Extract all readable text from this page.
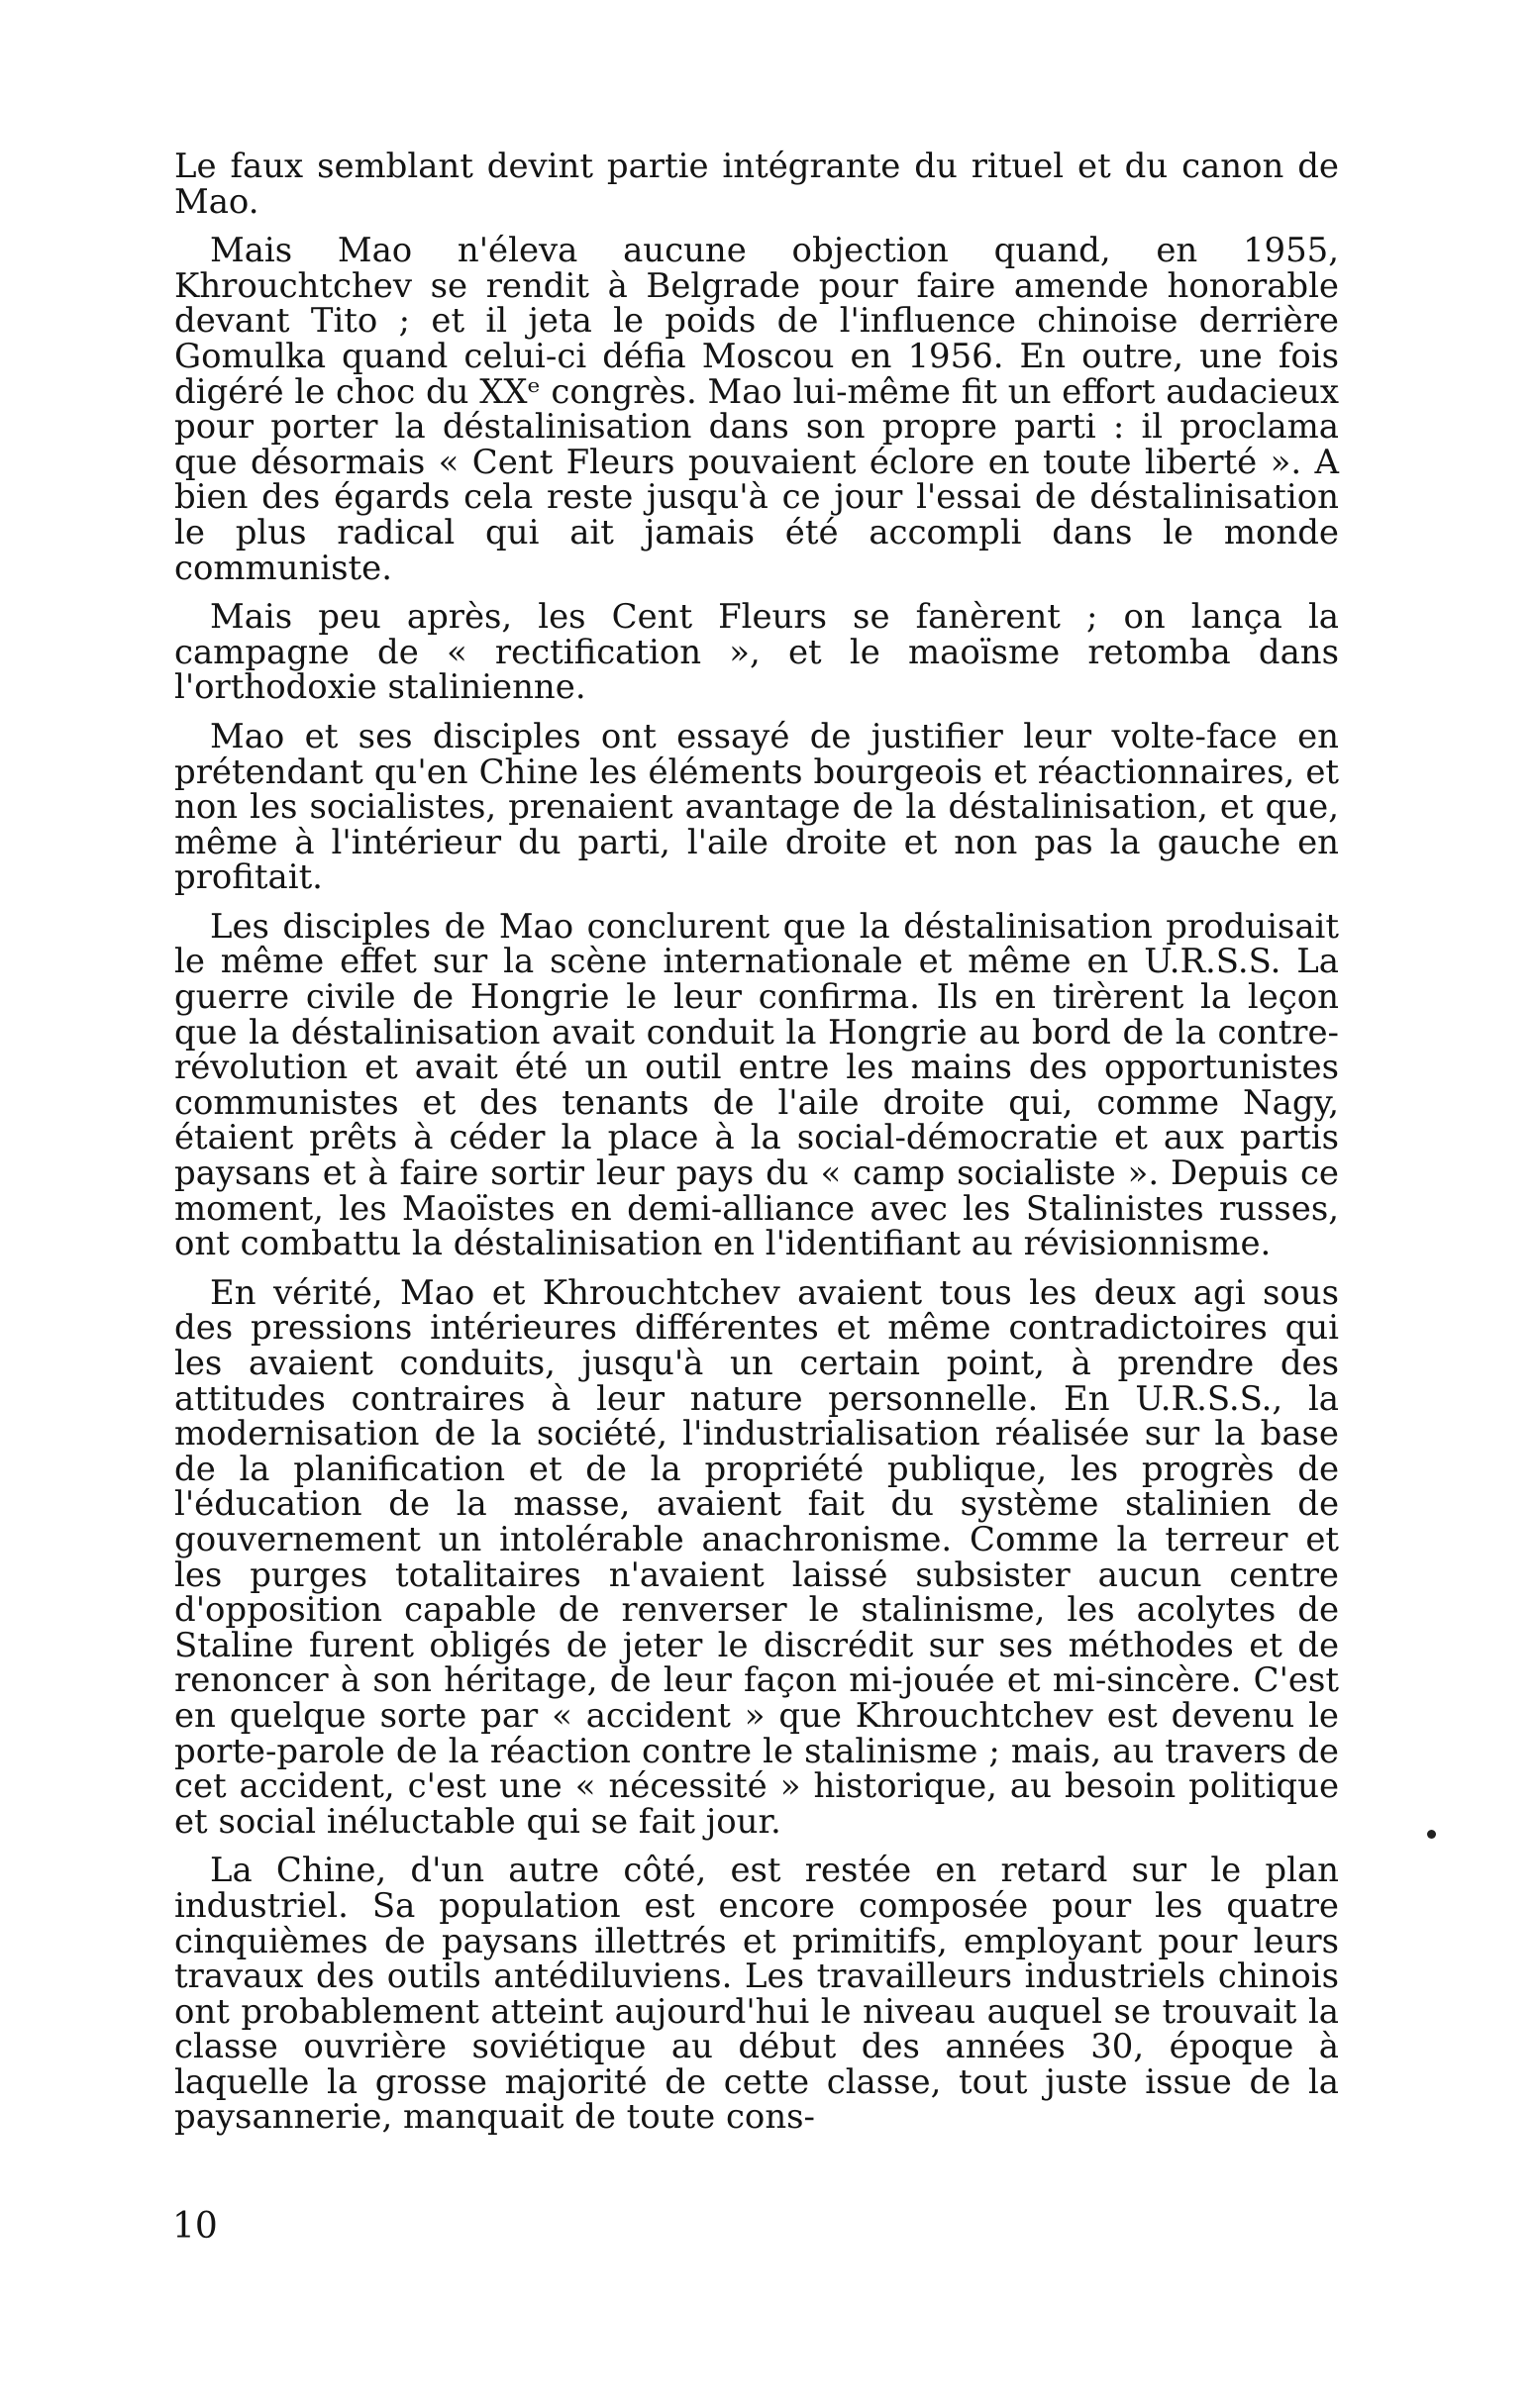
Le faux semblant devint partie intégrante du rituel et du canon de Mao.

Mais Mao n'éleva aucune objection quand, en 1955, Khrouchtchev se rendit à Belgrade pour faire amende honorable devant Tito ; et il jeta le poids de l'influence chinoise derrière Gomulka quand celui-ci défia Moscou en 1956. En outre, une fois digéré le choc du XXᵉ congrès. Mao lui-même fit un effort audacieux pour porter la déstalinisation dans son propre parti : il proclama que désormais « Cent Fleurs pouvaient éclore en toute liberté ». A bien des égards cela reste jusqu'à ce jour l'essai de déstalinisation le plus radical qui ait jamais été accompli dans le monde communiste.

Mais peu après, les Cent Fleurs se fanèrent ; on lança la campagne de « rectification », et le maoïsme retomba dans l'orthodoxie stalinienne.

Mao et ses disciples ont essayé de justifier leur volte-face en prétendant qu'en Chine les éléments bourgeois et réactionnaires, et non les socialistes, prenaient avantage de la déstalinisation, et que, même à l'intérieur du parti, l'aile droite et non pas la gauche en profitait.

Les disciples de Mao conclurent que la déstalinisation produisait le même effet sur la scène internationale et même en U.R.S.S. La guerre civile de Hongrie le leur confirma. Ils en tirèrent la leçon que la déstalinisation avait conduit la Hongrie au bord de la contre-révolution et avait été un outil entre les mains des opportunistes communistes et des tenants de l'aile droite qui, comme Nagy, étaient prêts à céder la place à la social-démocratie et aux partis paysans et à faire sortir leur pays du « camp socialiste ». Depuis ce moment, les Maoïstes en demi-alliance avec les Stalinistes russes, ont combattu la déstalinisation en l'identifiant au révisionnisme.

En vérité, Mao et Khrouchtchev avaient tous les deux agi sous des pressions intérieures différentes et même contradictoires qui les avaient conduits, jusqu'à un certain point, à prendre des attitudes contraires à leur nature personnelle. En U.R.S.S., la modernisation de la société, l'industrialisation réalisée sur la base de la planification et de la propriété publique, les progrès de l'éducation de la masse, avaient fait du système stalinien de gouvernement un intolérable anachronisme. Comme la terreur et les purges totalitaires n'avaient laissé subsister aucun centre d'opposition capable de renverser le stalinisme, les acolytes de Staline furent obligés de jeter le discrédit sur ses méthodes et de renoncer à son héritage, de leur façon mi-jouée et mi-sincère. C'est en quelque sorte par « accident » que Khrouchtchev est devenu le porte-parole de la réaction contre le stalinisme ; mais, au travers de cet accident, c'est une « nécessité » historique, au besoin politique et social inéluctable qui se fait jour.

La Chine, d'un autre côté, est restée en retard sur le plan industriel. Sa population est encore composée pour les quatre cinquièmes de paysans illettrés et primitifs, employant pour leurs travaux des outils antédiluviens. Les travailleurs industriels chinois ont probablement atteint aujourd'hui le niveau auquel se trouvait la classe ouvrière soviétique au début des années 30, époque à laquelle la grosse majorité de cette classe, tout juste issue de la paysannerie, manquait de toute cons-

10
